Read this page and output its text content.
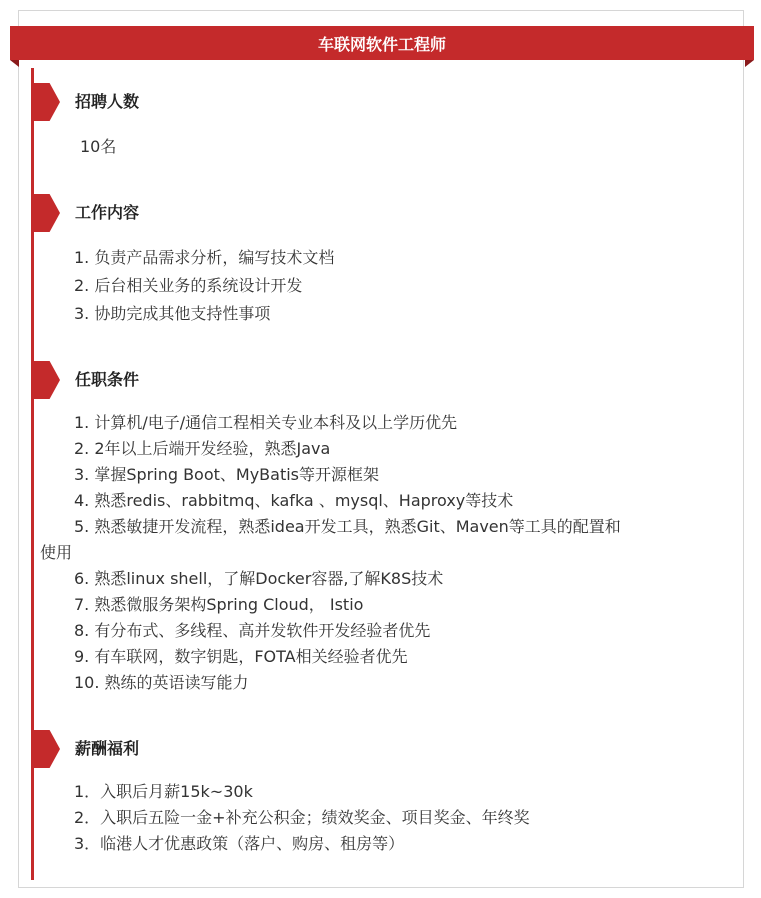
车联网软件工程师
招聘人数
10名
工作内容
1. 负责产品需求分析，编写技术文档
2. 后台相关业务的系统设计开发
3. 协助完成其他支持性事项
任职条件
1. 计算机/电子/通信工程相关专业本科及以上学历优先
2. 2年以上后端开发经验，熟悉Java
3. 掌握Spring Boot、MyBatis等开源框架
4. 熟悉redis、rabbitmq、kafka 、mysql、Haproxy等技术
5. 熟悉敏捷开发流程，熟悉idea开发工具，熟悉Git、Maven等工具的配置和
使用
6. 熟悉linux shell，了解Docker容器,了解K8S技术
7. 熟悉微服务架构Spring Cloud， Istio
8. 有分布式、多线程、高并发软件开发经验者优先
9. 有车联网，数字钥匙，FOTA相关经验者优先
10. 熟练的英语读写能力
薪酬福利
1．入职后月薪15k~30k
2．入职后五险一金+补充公积金；绩效奖金、项目奖金、年终奖
3．临港人才优惠政策（落户、购房、租房等）
